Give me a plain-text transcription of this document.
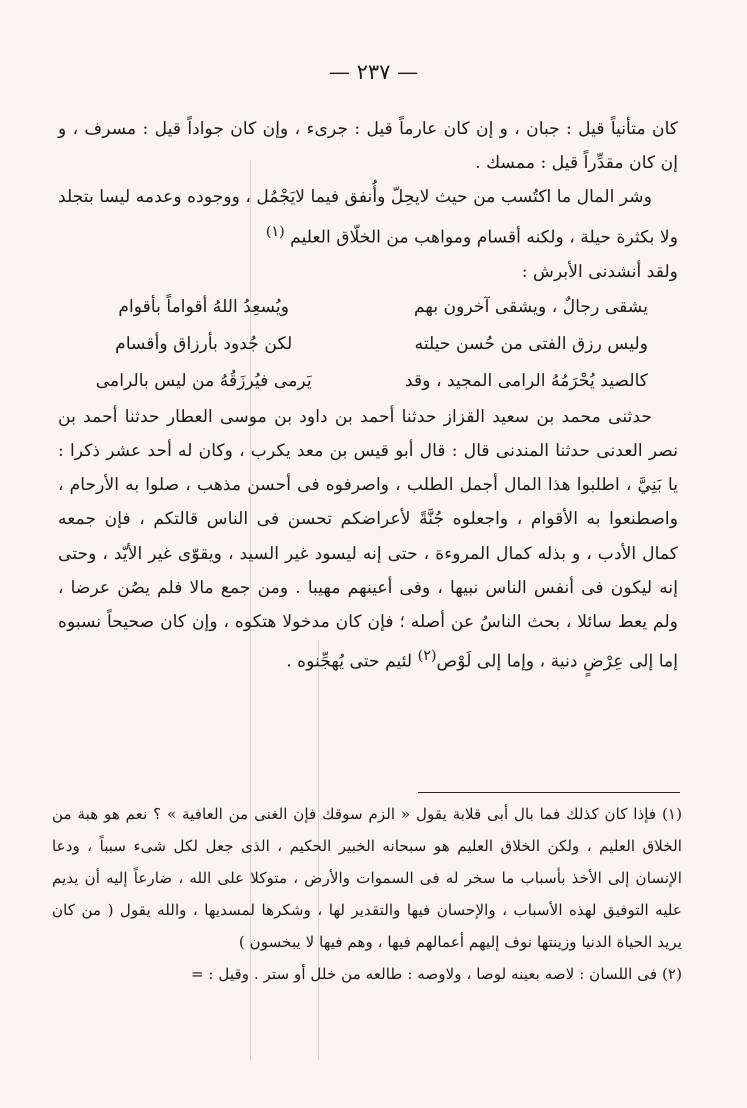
— ٢٣٧ —

كان متأنياً قيل : جبان ، و إن كان عارماً قيل : جرىء ، وإن كان جواداً قيل : مسرف ، و إن كان مقدِّراً قيل : ممسك .

وشر المال ما اكتُسب من حيث لايحِلّ وأُنفق فيما لايَجْمُل ، ووجوده وعدمه ليسا بتجلد ولا بكثرة حيلة ، ولكنه أقسام ومواهب من الخلّاق العليم $^{(١)}$

ولقد أنشدنى الأبرش :

يشقى رجالٌ ، ويشقى آخرون بهم
ويُسعِدُ اللهُ أقواماً بأقوام
وليس رزق الفتى من حُسن حيلته
لكن جُدود بأرزاق وأقسام
كالصيد يُحْرَمُهُ الرامى المجيد ، وقد
يَرمى فيُرزَقُهُ من ليس بالرامى

حدثنى محمد بن سعيد القزاز حدثنا أحمد بن داود بن موسى العطار حدثنا أحمد بن نصر العدنى حدثنا المندنى قال : قال أبو قيس بن معد يكرب ، وكان له أحد عشر ذكرا : يا بَنِيَّ ، اطلبوا هذا المال أجمل الطلب ، واصرفوه فى أحسن مذهب ، صلوا به الأرحام ، واصطنعوا به الأقوام ، واجعلوه جُنَّةً لأعراضكم تحسن فى الناس قالتكم ، فإن جمعه كمال الأدب ، و بذله كمال المروءة ، حتى إنه ليسود غير السيد ، ويقوّى غير الأيّد ، وحتى إنه ليكون فى أنفس الناس نبيها ، وفى أعينهم مهيبا . ومن جمع مالا فلم يصُن عرضا ، ولم يعط سائلا ، بحث الناسُ عن أصله ؛ فإن كان مدخولا هتكوه ، وإن كان صحيحاً نسبوه إما إلى عِرْضٍ دنية ، وإما إلى لَوْص$^{(٢)}$ لئيم حتى يُهجِّنوه .

(١) فإذا كان كذلك فما بال أبى قلابة يقول « الزم سوقك فإن الغنى من العافية » ؟ نعم هو هبة من الخلاق العليم ، ولكن الخلاق العليم هو سبحانه الخبير الحكيم ، الذى جعل لكل شىء سبباً ، ودعا الإنسان إلى الأخذ بأسباب ما سخر له فى السموات والأرض ، متوكلا على الله ، ضارعاً إليه أن يديم عليه التوفيق لهذه الأسباب ، والإحسان فيها والتقدير لها ، وشكرها لمسديها ، والله يقول ( من كان يريد الحياة الدنيا وزينتها نوف إليهم أعمالهم فيها ، وهم فيها لا يبخسون )

(٢) فى اللسان : لاصه بعينه لوصا ، ولاوصه : طالعه من خلل أو ستر . وقيل : =
